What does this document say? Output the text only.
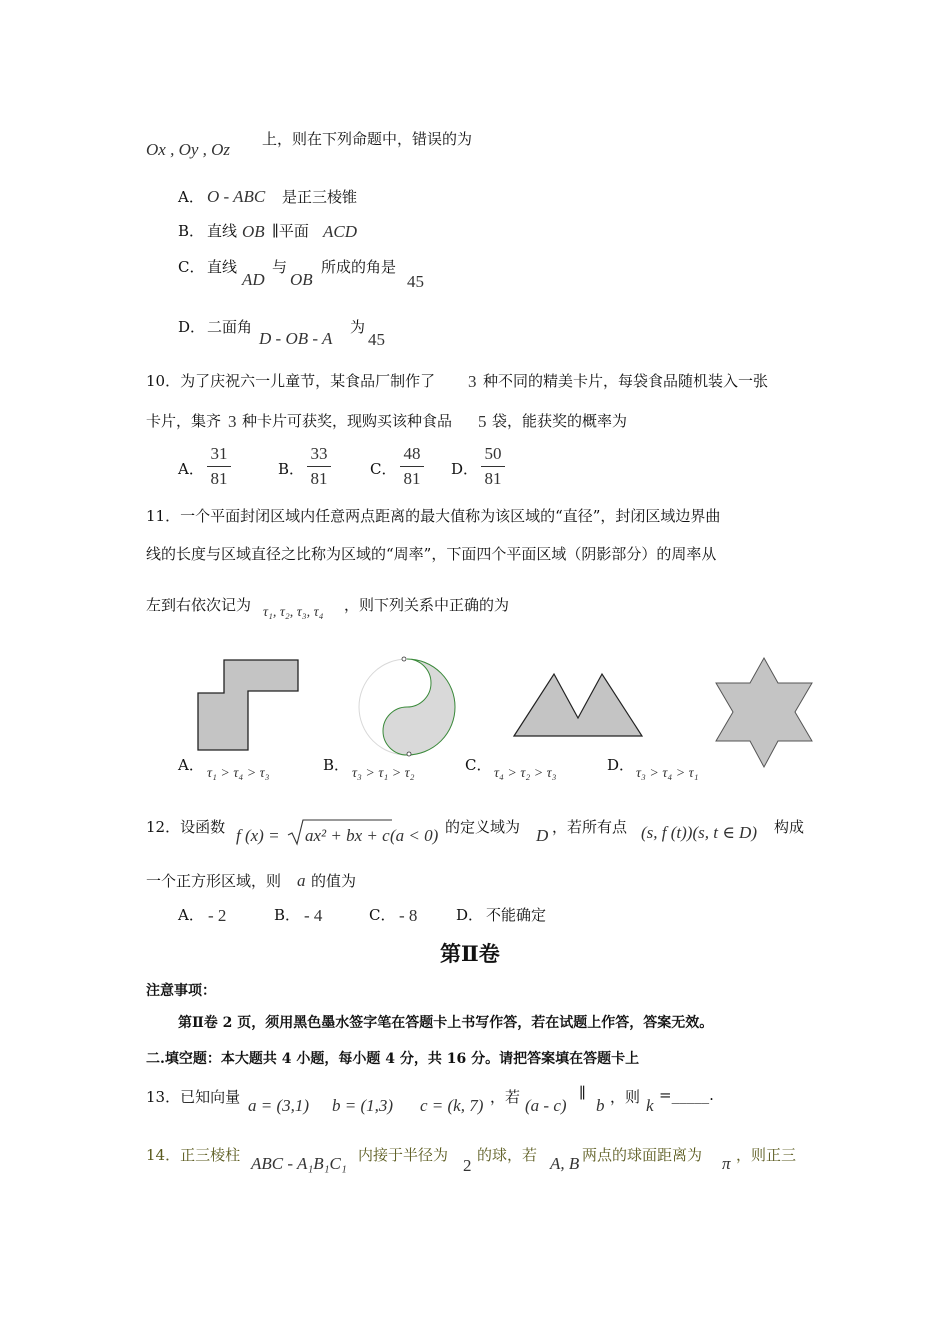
Ox , Oy , Oz
上，则在下列命题中，错误的为
A． O - ABC 是正三棱锥
B． 直线 OB ∥平面 ACD
C． 直线
AD
与
OB
所成的角是
45
D． 二面角
D - OB - A
为
45
10．为了庆祝六一儿童节，某食品厂制作了 3 种不同的精美卡片，每袋食品随机装入一张
卡片，集齐 3 种卡片可获奖，现购买该种食品 5 袋，能获奖的概率为
A．
31
81	B．
33
81	C．
48
81	D．
50
81
11．一个平面封闭区域内任意两点距离的最大值称为该区域的“直径”，封闭区域边界曲
线的长度与区域直径之比称为区域的“周率”，下面四个平面区域（阴影部分）的周率从
左到右依次记为 τ₁, τ₂, τ₃, τ₄ ，则下列关系中正确的为
A． τ₁ > τ₄ > τ₃	B． τ₃ > τ₁ > τ₂	C． τ₄ > τ₂ > τ₃	D． τ₃ > τ₄ > τ₁
12．设函数 f (x) = ax² + bx + c (a < 0) 的定义域为 D ，若所有点 (s, f (t))(s, t ∈ D) 构成
一个正方形区域，则 a 的值为
A． - 2	B． - 4	C． - 8	D． 不能确定
第Ⅱ卷
注意事项：
第Ⅱ卷 2 页，须用黑色墨水签字笔在答题卡上书写作答，若在试题上作答，答案无效。
二.填空题：本大题共 4 小题，每小题 4 分，共 16 分。请把答案填在答题卡上
13．已知向量 a = (3,1) b = (1,3) c = (k, 7) ，若 (a - c)
∥
b ，则 k
=_____.
14．正三棱柱 ABC - A₁B₁C₁ 内接于半径为
2
的球，若 A, B 两点的球面距离为 π ，则正三
